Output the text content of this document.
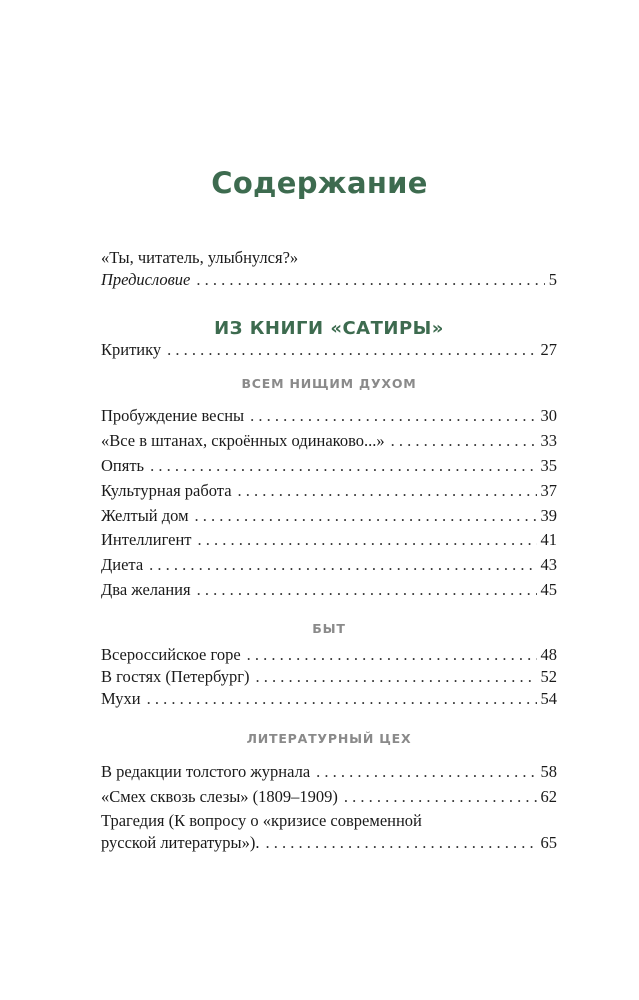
Содержание
«Ты, читатель, улыбнулся?»
Предисловие . . .	5
ИЗ КНИГИ «САТИРЫ»
Критику . . .	27
ВСЕМ НИЩИМ ДУХОМ
Пробуждение весны . . .	30
«Все в штанах, скроённых одинаково...» . . .	33
Опять . . .	35
Культурная работа . . .	37
Желтый дом . . .	39
Интеллигент . . .	41
Диета . . .	43
Два желания . . .	45
БЫТ
Всероссийское горе . . .	48
В гостях (Петербург) . . .	52
Мухи . . .	54
ЛИТЕРАТУРНЫЙ ЦЕХ
В редакции толстого журнала . . .	58
«Смех сквозь слезы» (1809–1909) . . .	62
Трагедия (К вопросу о «кризисе современной
русской литературы»). . . .	65
